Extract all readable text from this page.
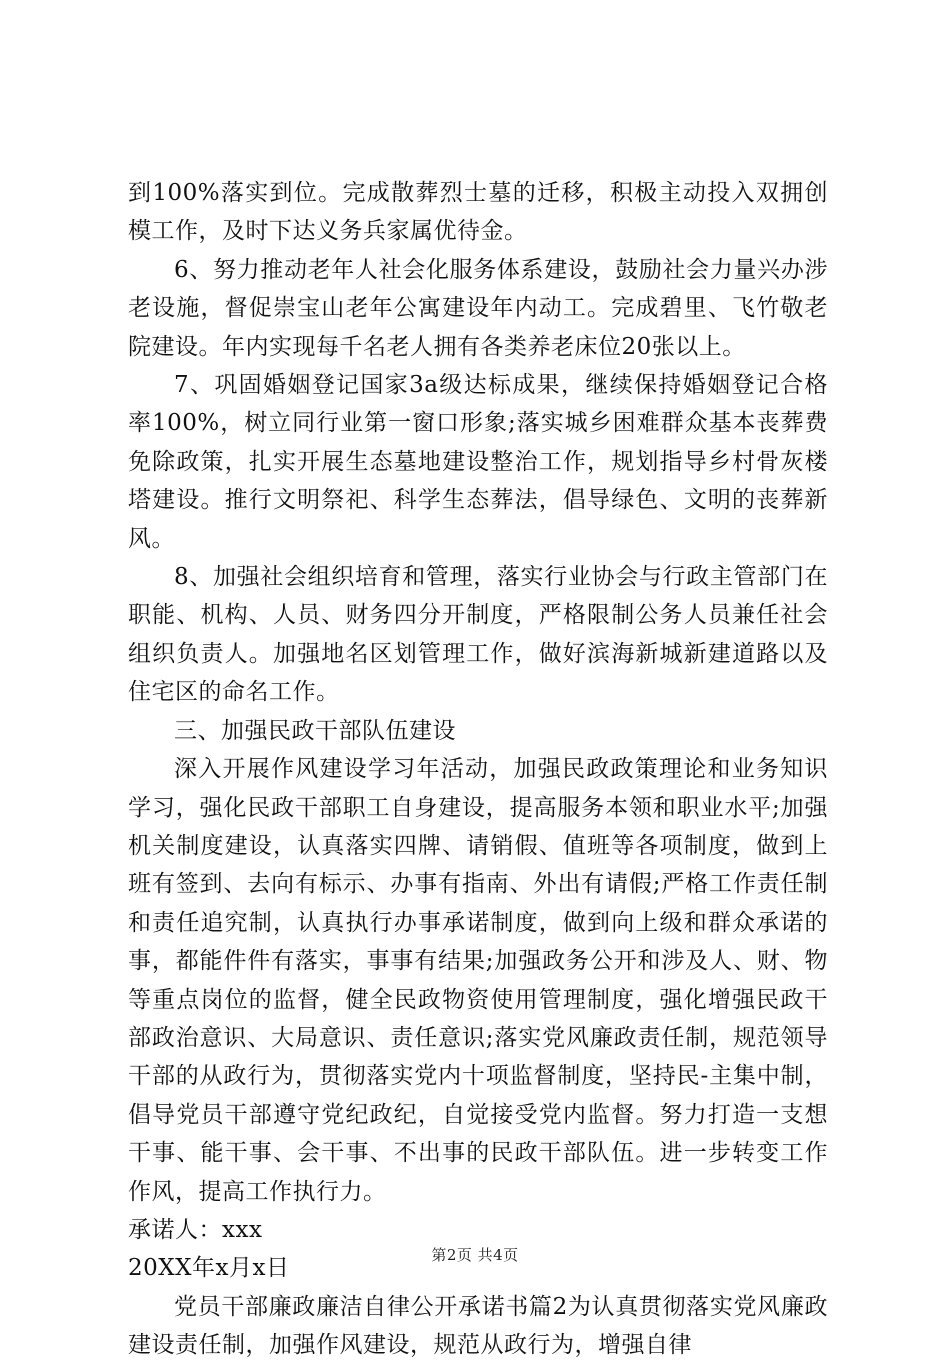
到100%落实到位。完成散葬烈士墓的迁移，积极主动投入双拥创模工作，及时下达义务兵家属优待金。

6、努力推动老年人社会化服务体系建设，鼓励社会力量兴办涉老设施，督促崇宝山老年公寓建设年内动工。完成碧里、飞竹敬老院建设。年内实现每千名老人拥有各类养老床位20张以上。

7、巩固婚姻登记国家3a级达标成果，继续保持婚姻登记合格率100%，树立同行业第一窗口形象;落实城乡困难群众基本丧葬费免除政策，扎实开展生态墓地建设整治工作，规划指导乡村骨灰楼塔建设。推行文明祭祀、科学生态葬法，倡导绿色、文明的丧葬新风。

8、加强社会组织培育和管理，落实行业协会与行政主管部门在职能、机构、人员、财务四分开制度，严格限制公务人员兼任社会组织负责人。加强地名区划管理工作，做好滨海新城新建道路以及住宅区的命名工作。

三、加强民政干部队伍建设

深入开展作风建设学习年活动，加强民政政策理论和业务知识学习，强化民政干部职工自身建设，提高服务本领和职业水平;加强机关制度建设，认真落实四牌、请销假、值班等各项制度，做到上班有签到、去向有标示、办事有指南、外出有请假;严格工作责任制和责任追究制，认真执行办事承诺制度，做到向上级和群众承诺的事，都能件件有落实，事事有结果;加强政务公开和涉及人、财、物等重点岗位的监督，健全民政物资使用管理制度，强化增强民政干部政治意识、大局意识、责任意识;落实党风廉政责任制，规范领导干部的从政行为，贯彻落实党内十项监督制度，坚持民-主集中制，倡导党员干部遵守党纪政纪，自觉接受党内监督。努力打造一支想干事、能干事、会干事、不出事的民政干部队伍。进一步转变工作作风，提高工作执行力。

承诺人：xxx

20XX年x月x日

党员干部廉政廉洁自律公开承诺书篇2为认真贯彻落实党风廉政建设责任制，加强作风建设，规范从政行为，增强自律

第2页 共4页
